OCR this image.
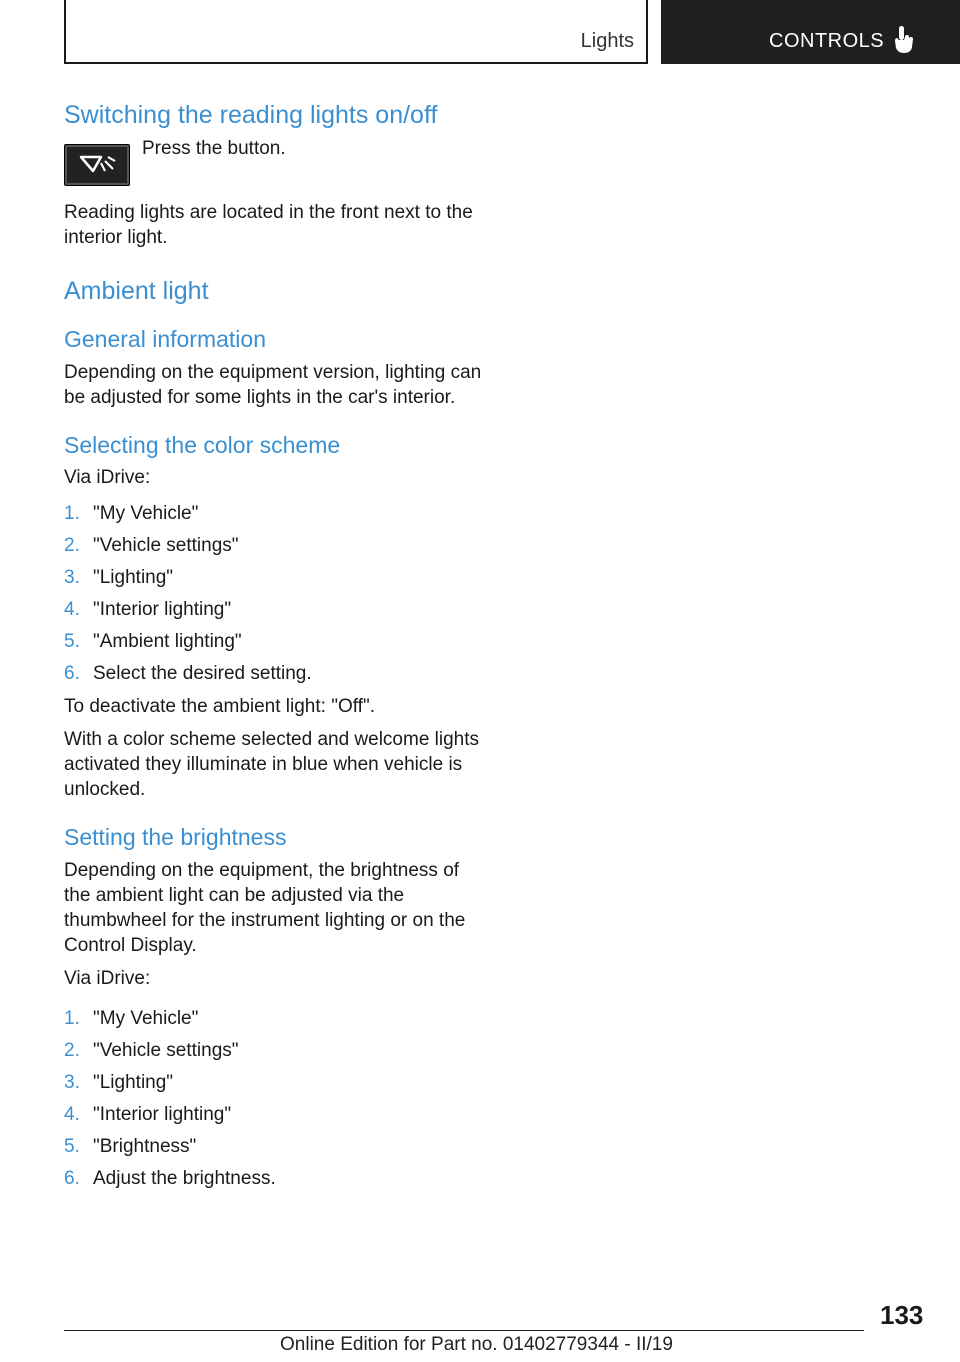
Lights	CONTROLS
Switching the reading lights on/off

Press the button.

Reading lights are located in the front next to the interior light.

Ambient light
General information

Depending on the equipment version, lighting can be adjusted for some lights in the car's interior.

Selecting the color scheme

Via iDrive:

1. "My Vehicle"
2. "Vehicle settings"
3. "Lighting"
4. "Interior lighting"
5. "Ambient lighting"
6. Select the desired setting.

To deactivate the ambient light: "Off".

With a color scheme selected and welcome lights activated they illuminate in blue when vehicle is unlocked.

Setting the brightness

Depending on the equipment, the brightness of the ambient light can be adjusted via the thumbwheel for the instrument lighting or on the Control Display.

Via iDrive:

1. "My Vehicle"
2. "Vehicle settings"
3. "Lighting"
4. "Interior lighting"
5. "Brightness"
6. Adjust the brightness.
133
Online Edition for Part no. 01402779344 - II/19
